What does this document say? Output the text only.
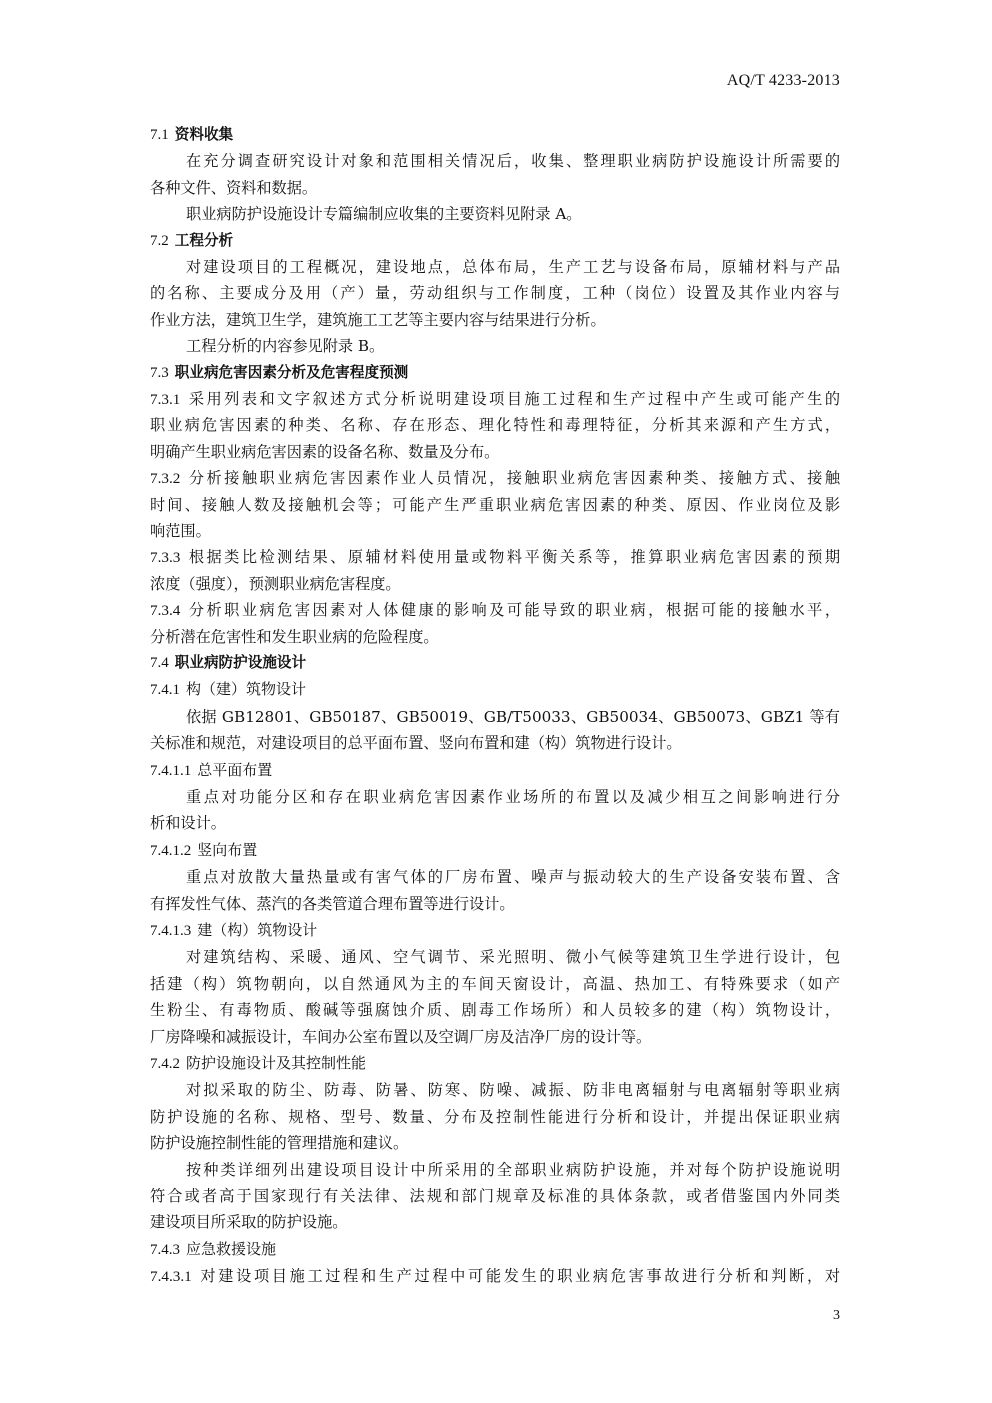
AQ/T 4233-2013
7.1 资料收集
在充分调查研究设计对象和范围相关情况后，收集、整理职业病防护设施设计所需要的
各种文件、资料和数据。
职业病防护设施设计专篇编制应收集的主要资料见附录 A。
7.2 工程分析
对建设项目的工程概况，建设地点，总体布局，生产工艺与设备布局，原辅材料与产品
的名称、主要成分及用（产）量，劳动组织与工作制度，工种（岗位）设置及其作业内容与
作业方法，建筑卫生学，建筑施工工艺等主要内容与结果进行分析。
工程分析的内容参见附录 B。
7.3 职业病危害因素分析及危害程度预测
7.3.1 采用列表和文字叙述方式分析说明建设项目施工过程和生产过程中产生或可能产生的
职业病危害因素的种类、名称、存在形态、理化特性和毒理特征，分析其来源和产生方式，
明确产生职业病危害因素的设备名称、数量及分布。
7.3.2 分析接触职业病危害因素作业人员情况，接触职业病危害因素种类、接触方式、接触
时间、接触人数及接触机会等；可能产生严重职业病危害因素的种类、原因、作业岗位及影
响范围。
7.3.3 根据类比检测结果、原辅材料使用量或物料平衡关系等，推算职业病危害因素的预期
浓度（强度），预测职业病危害程度。
7.3.4 分析职业病危害因素对人体健康的影响及可能导致的职业病，根据可能的接触水平，
分析潜在危害性和发生职业病的危险程度。
7.4 职业病防护设施设计
7.4.1 构（建）筑物设计
依据 GB12801、GB50187、GB50019、GB/T50033、GB50034、GB50073、GBZ1 等有
关标准和规范，对建设项目的总平面布置、竖向布置和建（构）筑物进行设计。
7.4.1.1 总平面布置
重点对功能分区和存在职业病危害因素作业场所的布置以及减少相互之间影响进行分
析和设计。
7.4.1.2 竖向布置
重点对放散大量热量或有害气体的厂房布置、噪声与振动较大的生产设备安装布置、含
有挥发性气体、蒸汽的各类管道合理布置等进行设计。
7.4.1.3 建（构）筑物设计
对建筑结构、采暖、通风、空气调节、采光照明、微小气候等建筑卫生学进行设计，包
括建（构）筑物朝向，以自然通风为主的车间天窗设计，高温、热加工、有特殊要求（如产
生粉尘、有毒物质、酸碱等强腐蚀介质、剧毒工作场所）和人员较多的建（构）筑物设计，
厂房降噪和减振设计，车间办公室布置以及空调厂房及洁净厂房的设计等。
7.4.2 防护设施设计及其控制性能
对拟采取的防尘、防毒、防暑、防寒、防噪、减振、防非电离辐射与电离辐射等职业病
防护设施的名称、规格、型号、数量、分布及控制性能进行分析和设计，并提出保证职业病
防护设施控制性能的管理措施和建议。
按种类详细列出建设项目设计中所采用的全部职业病防护设施，并对每个防护设施说明
符合或者高于国家现行有关法律、法规和部门规章及标准的具体条款，或者借鉴国内外同类
建设项目所采取的防护设施。
7.4.3 应急救援设施
7.4.3.1 对建设项目施工过程和生产过程中可能发生的职业病危害事故进行分析和判断，对
3
